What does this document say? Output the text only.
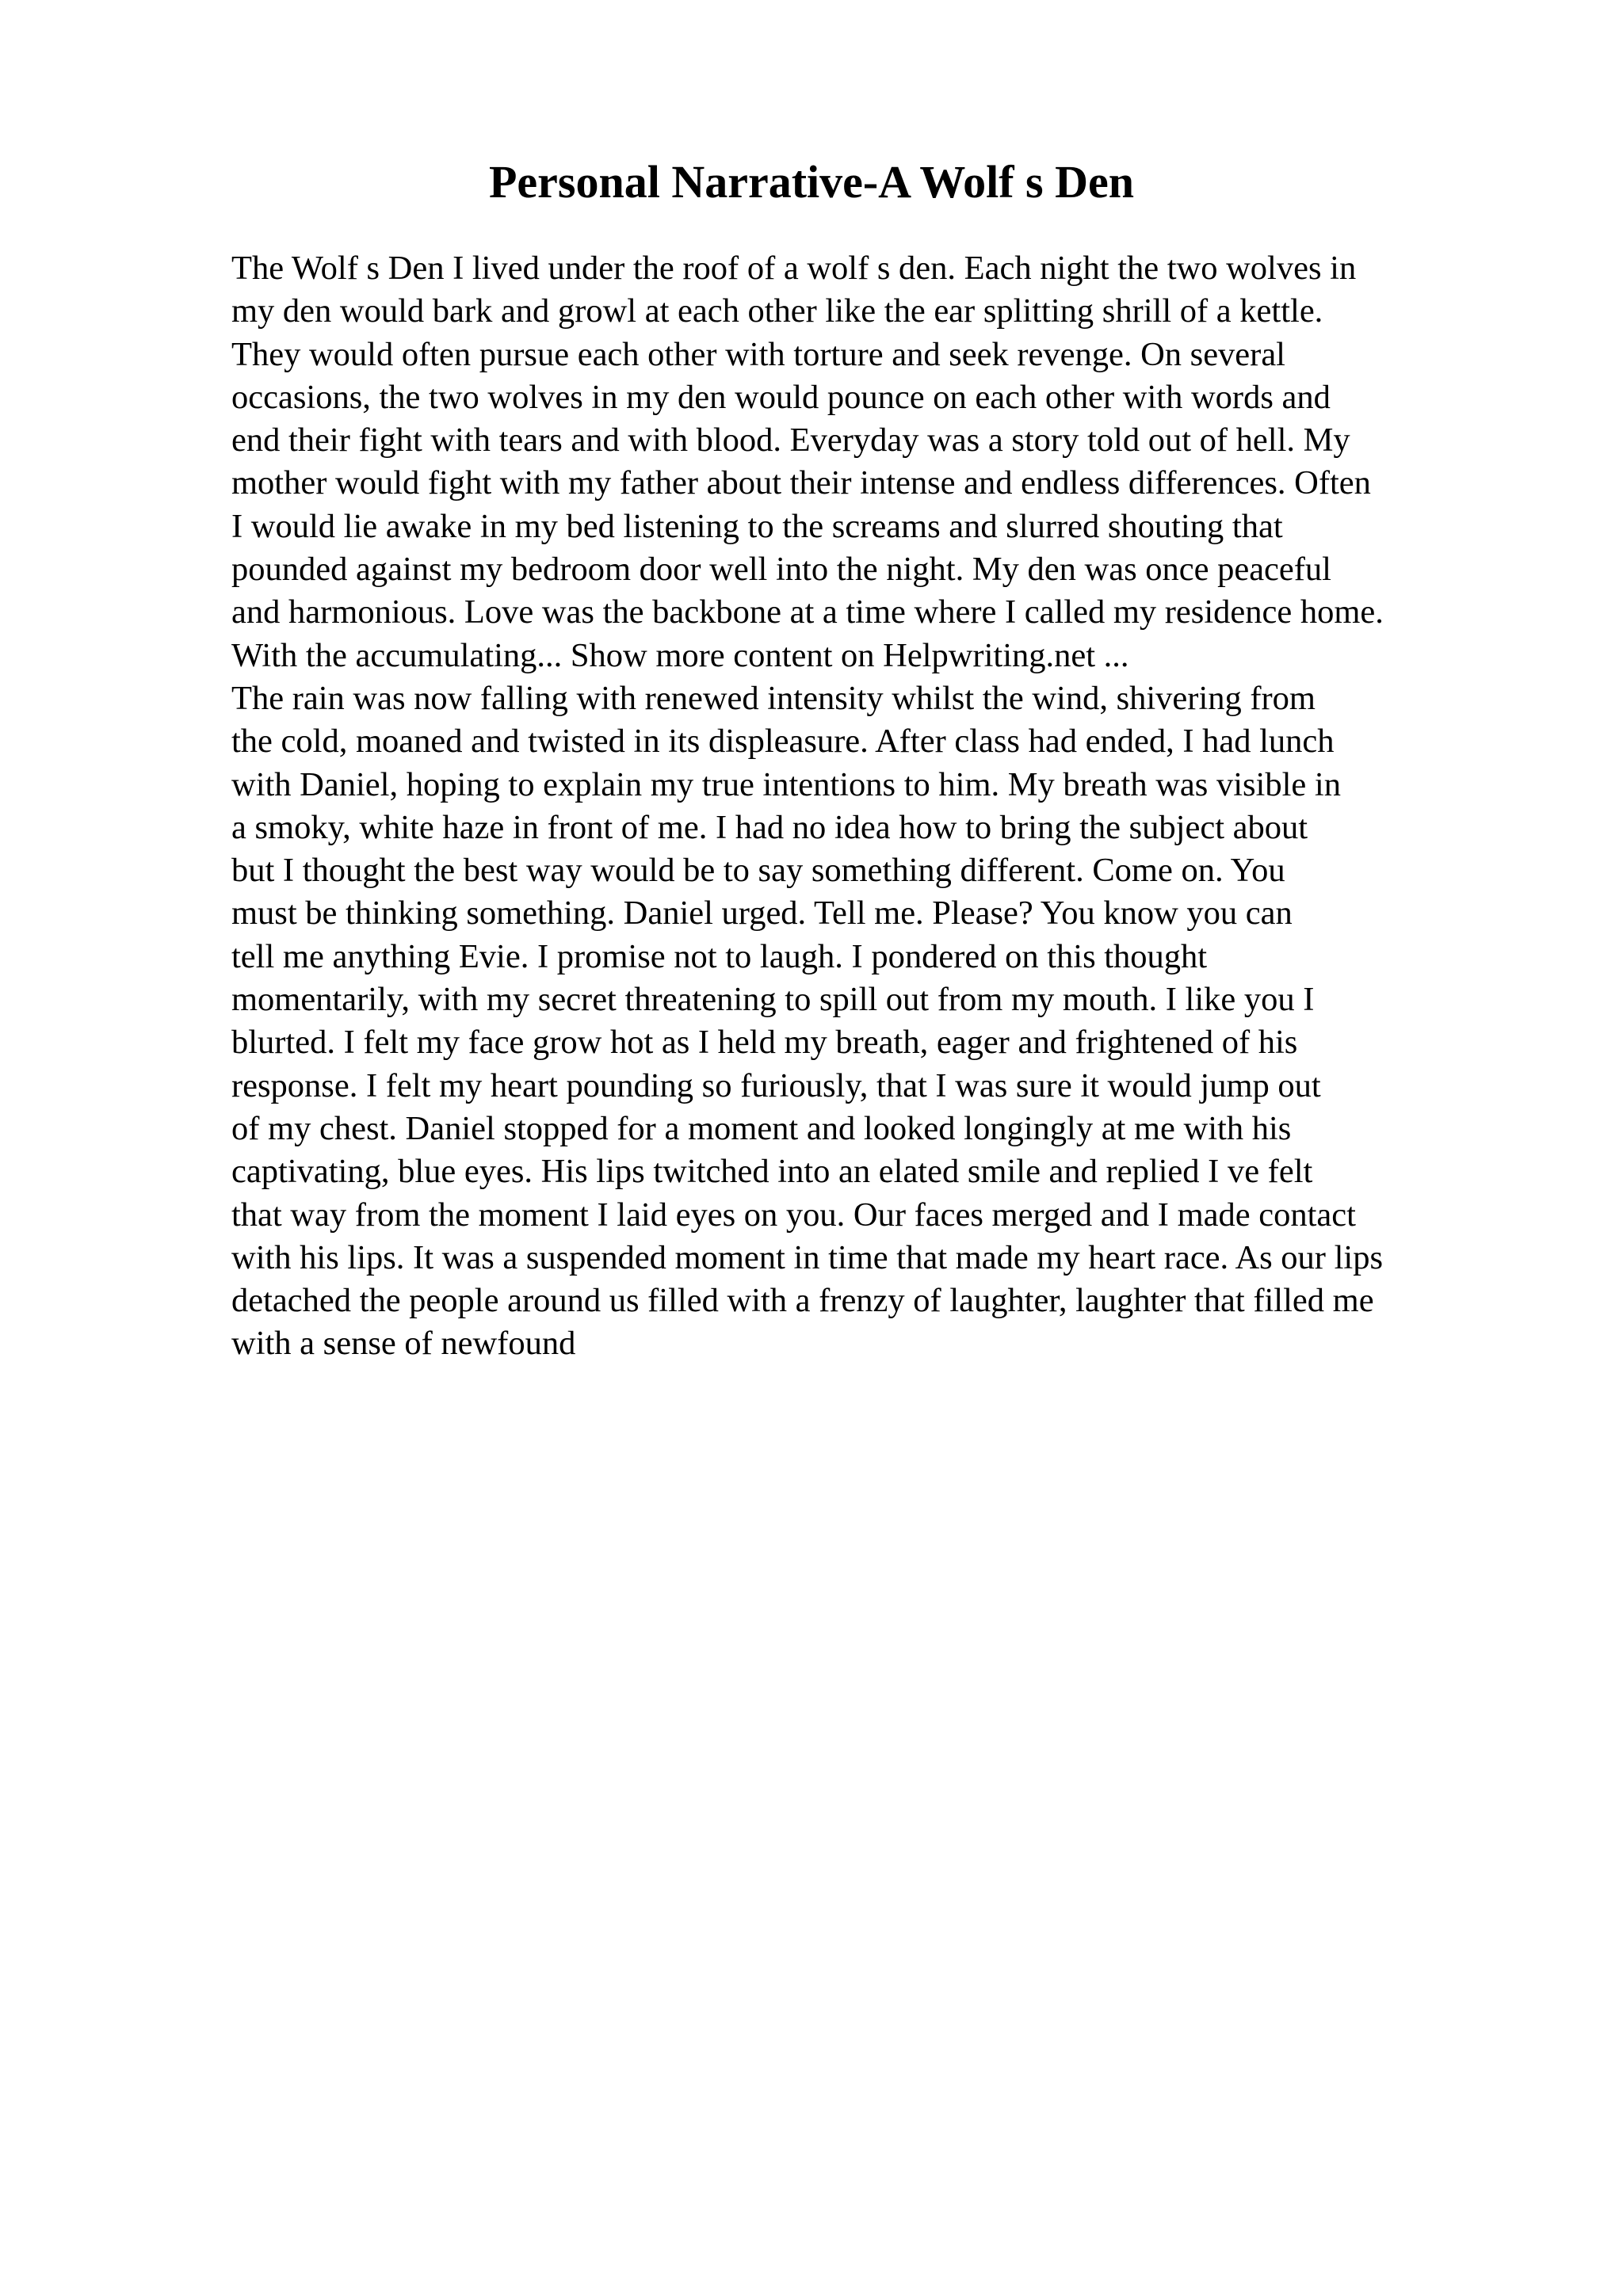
Personal Narrative-A Wolf s Den
The Wolf s Den I lived under the roof of a wolf s den. Each night the two wolves in
my den would bark and growl at each other like the ear splitting shrill of a kettle.
They would often pursue each other with torture and seek revenge. On several
occasions, the two wolves in my den would pounce on each other with words and
end their fight with tears and with blood. Everyday was a story told out of hell. My
mother would fight with my father about their intense and endless differences. Often
I would lie awake in my bed listening to the screams and slurred shouting that
pounded against my bedroom door well into the night. My den was once peaceful
and harmonious. Love was the backbone at a time where I called my residence home.
With the accumulating... Show more content on Helpwriting.net ...
The rain was now falling with renewed intensity whilst the wind, shivering from
the cold, moaned and twisted in its displeasure. After class had ended, I had lunch
with Daniel, hoping to explain my true intentions to him. My breath was visible in
a smoky, white haze in front of me. I had no idea how to bring the subject about
but I thought the best way would be to say something different. Come on. You
must be thinking something. Daniel urged. Tell me. Please? You know you can
tell me anything Evie. I promise not to laugh. I pondered on this thought
momentarily, with my secret threatening to spill out from my mouth. I like you I
blurted. I felt my face grow hot as I held my breath, eager and frightened of his
response. I felt my heart pounding so furiously, that I was sure it would jump out
of my chest. Daniel stopped for a moment and looked longingly at me with his
captivating, blue eyes. His lips twitched into an elated smile and replied I ve felt
that way from the moment I laid eyes on you. Our faces merged and I made contact
with his lips. It was a suspended moment in time that made my heart race. As our lips
detached the people around us filled with a frenzy of laughter, laughter that filled me
with a sense of newfound
